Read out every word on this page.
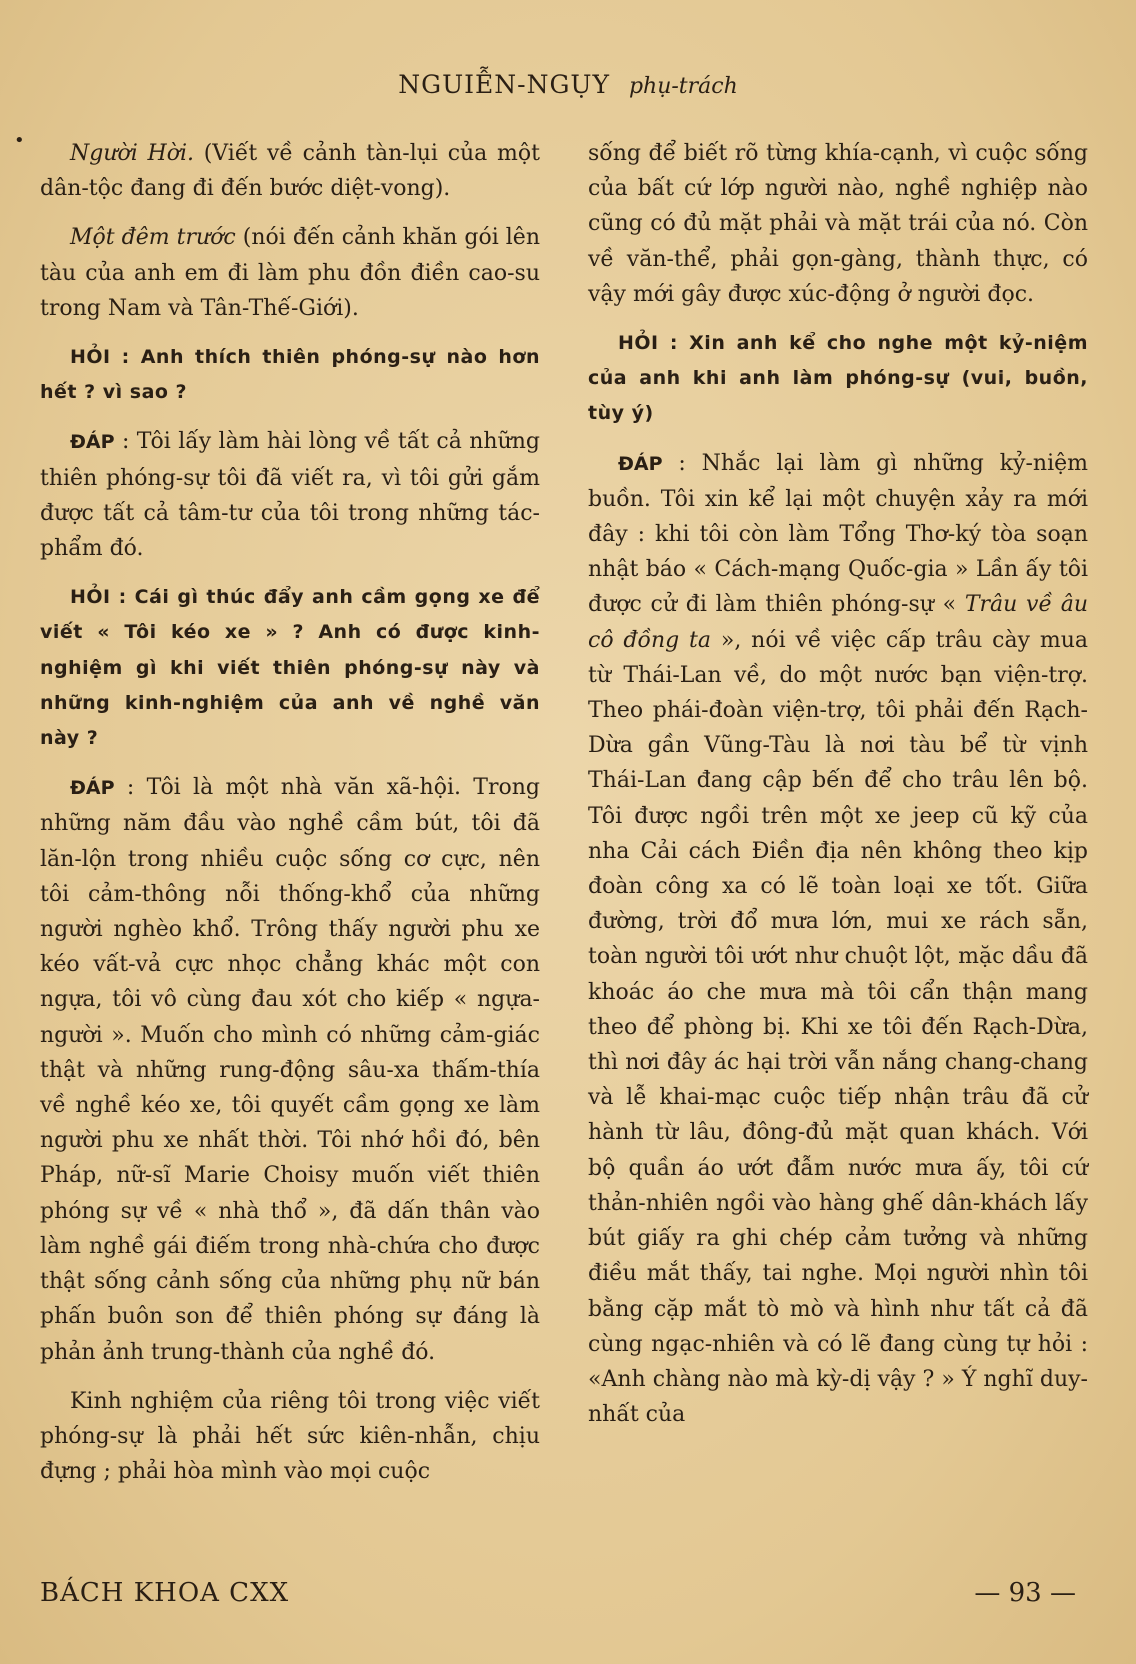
•
NGUIỄN-NGỤY phụ-trách

Người Hời. (Viết về cảnh tàn-lụi của một dân-tộc đang đi đến bước diệt-vong).

Một đêm trước (nói đến cảnh khăn gói lên tàu của anh em đi làm phu đồn điền cao-su trong Nam và Tân-Thế-Giới).

HỎI : Anh thích thiên phóng-sự nào hơn hết ? vì sao ?

ĐÁP : Tôi lấy làm hài lòng về tất cả những thiên phóng-sự tôi đã viết ra, vì tôi gửi gắm được tất cả tâm-tư của tôi trong những tác-phẩm đó.

HỎI : Cái gì thúc đẩy anh cầm gọng xe để viết « Tôi kéo xe » ? Anh có được kinh-nghiệm gì khi viết thiên phóng-sự này và những kinh-nghiệm của anh về nghề văn này ?

ĐÁP : Tôi là một nhà văn xã-hội. Trong những năm đầu vào nghề cầm bút, tôi đã lăn-lộn trong nhiều cuộc sống cơ cực, nên tôi cảm-thông nỗi thống-khổ của những người nghèo khổ. Trông thấy người phu xe kéo vất-vả cực nhọc chẳng khác một con ngựa, tôi vô cùng đau xót cho kiếp « ngựa-người ». Muốn cho mình có những cảm-giác thật và những rung-động sâu-xa thấm-thía về nghề kéo xe, tôi quyết cầm gọng xe làm người phu xe nhất thời. Tôi nhớ hồi đó, bên Pháp, nữ-sĩ Marie Choisy muốn viết thiên phóng sự về « nhà thổ », đã dấn thân vào làm nghề gái điếm trong nhà-chứa cho được thật sống cảnh sống của những phụ nữ bán phấn buôn son để thiên phóng sự đáng là phản ảnh trung-thành của nghề đó.

Kinh nghiệm của riêng tôi trong việc viết phóng-sự là phải hết sức kiên-nhẫn, chịu đựng ; phải hòa mình vào mọi cuộc

sống để biết rõ từng khía-cạnh, vì cuộc sống của bất cứ lớp người nào, nghề nghiệp nào cũng có đủ mặt phải và mặt trái của nó. Còn về văn-thể, phải gọn-gàng, thành thực, có vậy mới gây được xúc-động ở người đọc.

HỎI : Xin anh kể cho nghe một kỷ-niệm của anh khi anh làm phóng-sự (vui, buồn, tùy ý)

ĐÁP : Nhắc lại làm gì những kỷ-niệm buồn. Tôi xin kể lại một chuyện xảy ra mới đây : khi tôi còn làm Tổng Thơ-ký tòa soạn nhật báo « Cách-mạng Quốc-gia » Lần ấy tôi được cử đi làm thiên phóng-sự « Trâu về âu cô đồng ta », nói về việc cấp trâu cày mua từ Thái-Lan về, do một nước bạn viện-trợ. Theo phái-đoàn viện-trợ, tôi phải đến Rạch-Dừa gần Vũng-Tàu là nơi tàu bể từ vịnh Thái-Lan đang cập bến để cho trâu lên bộ. Tôi được ngồi trên một xe jeep cũ kỹ của nha Cải cách Điền địa nên không theo kịp đoàn công xa có lẽ toàn loại xe tốt. Giữa đường, trời đổ mưa lớn, mui xe rách sẵn, toàn người tôi ướt như chuột lột, mặc dầu đã khoác áo che mưa mà tôi cẩn thận mang theo để phòng bị. Khi xe tôi đến Rạch-Dừa, thì nơi đây ác hại trời vẫn nắng chang-chang và lễ khai-mạc cuộc tiếp nhận trâu đã cử hành từ lâu, đông-đủ mặt quan khách. Với bộ quần áo ướt đẫm nước mưa ấy, tôi cứ thản-nhiên ngồi vào hàng ghế dân-khách lấy bút giấy ra ghi chép cảm tưởng và những điều mắt thấy, tai nghe. Mọi người nhìn tôi bằng cặp mắt tò mò và hình như tất cả đã cùng ngạc-nhiên và có lẽ đang cùng tự hỏi : «Anh chàng nào mà kỳ-dị vậy ? » Ý nghĩ duy-nhất của

BÁCH KHOA CXX	— 93 —
